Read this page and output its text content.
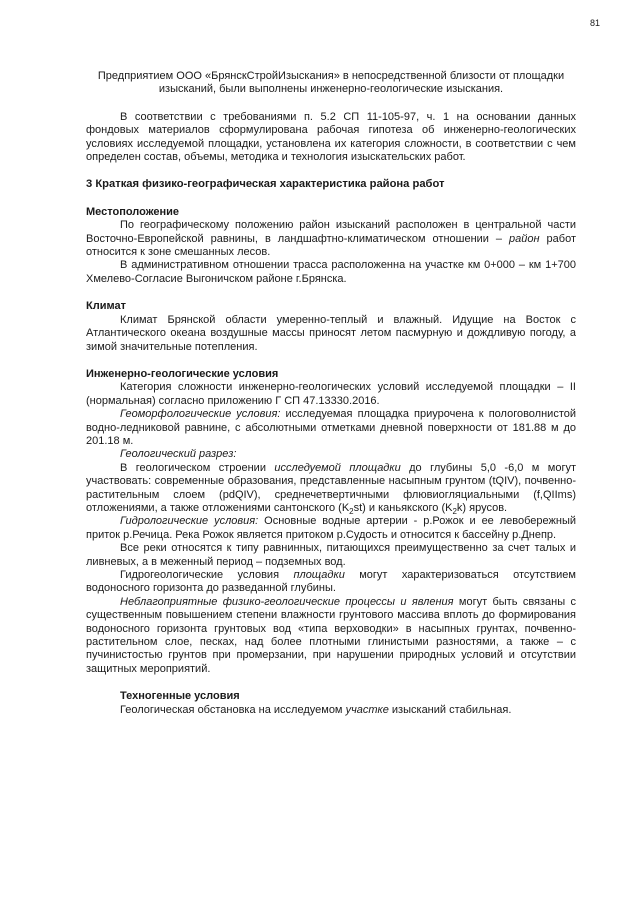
81

Предприятием ООО «БрянскСтройИзыскания» в непосредственной близости от площадки изысканий, были выполнены инженерно-геологические изыскания.

В соответствии с требованиями п. 5.2 СП 11-105-97, ч. 1 на основании данных фондовых материалов сформулирована рабочая гипотеза об инженерно-геологических условиях исследуемой площадки, установлена их категория сложности, в соответствии с чем определен состав, объемы, методика и технология изыскательских работ.

3 Краткая физико-географическая характеристика района работ
Местоположение

По географическому положению район изысканий расположен в центральной части Восточно-Европейской равнины, в ландшафтно-климатическом отношении – район работ относится к зоне смешанных лесов.

В административном отношении трасса расположенна на участке км 0+000 – км 1+700 Хмелево-Согласие Выгоничском районе г.Брянска.

Климат

Климат Брянской области умеренно-теплый и влажный. Идущие на Восток с Атлантического океана воздушные массы приносят летом пасмурную и дождливую погоду, а зимой значительные потепления.

Инженерно-геологические условия

Категория сложности инженерно-геологических условий исследуемой площадки – II (нормальная) согласно приложению Г СП 47.13330.2016.

Геоморфологические условия: исследуемая площадка приурочена к пологоволнистой водно-ледниковой равнине, с абсолютными отметками дневной поверхности от 181.88 м до 201.18 м.

Геологический разрез:

В геологическом строении исследуемой площадки до глубины 5,0 -6,0 м могут участвовать: современные образования, представленные насыпным грунтом (tQIV), почвенно-растительным слоем (pdQIV), среднечетвертичными флювиогляциальными (f,QIIms) отложениями, а также отложениями сантонского $(K_2st)$ и каньякского $(K_2k)$ ярусов.

Гидрологические условия: Основные водные артерии - р.Рожок и ее левобережный приток р.Речица. Река Рожок является притоком р.Судость и относится к бассейну р.Днепр.

Все реки относятся к типу равнинных, питающихся преимущественно за счет талых и ливневых, а в меженный период – подземных вод.

Гидрогеологические условия площадки могут характеризоваться отсутствием водоносного горизонта до разведанной глубины.

Неблагоприятные физико-геологические процессы и явления могут быть связаны с существенным повышением степени влажности грунтового массива вплоть до формирования водоносного горизонта грунтовых вод «типа верховодки» в насыпных грунтах, почвенно-растительном слое, песках, над более плотными глинистыми разностями, а также – с пучинистостью грунтов при промерзании, при нарушении природных условий и отсутствии защитных мероприятий.

Техногенные условия

Геологическая обстановка на исследуемом участке изысканий стабильная.
